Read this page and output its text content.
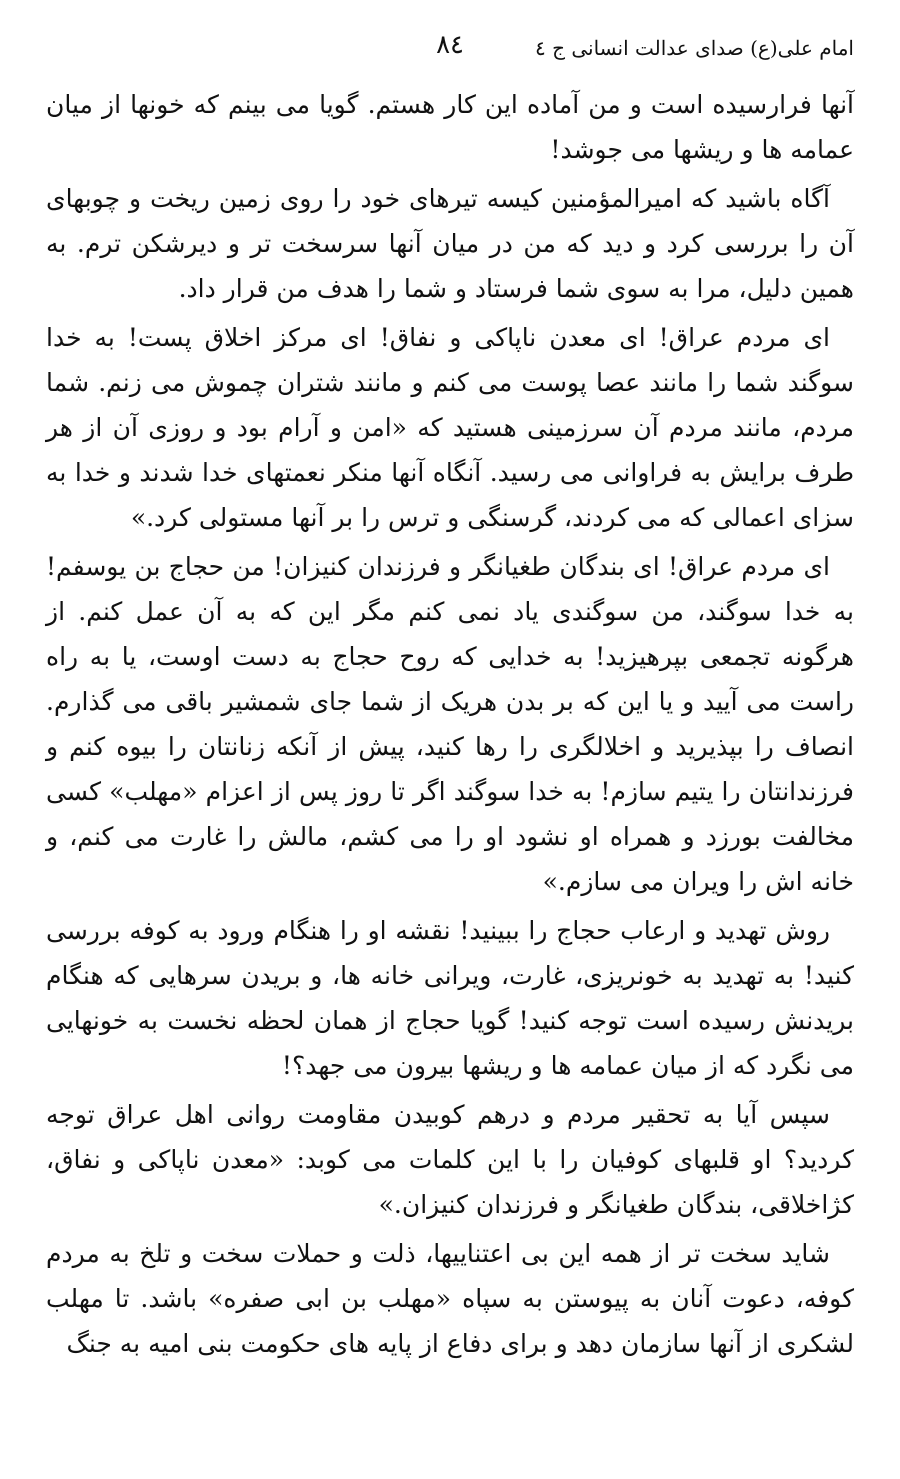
امام علی(ع) صدای عدالت انسانی ج ٤
٨٤

آنها فرارسیده است و من آماده این کار هستم. گویا می بینم که خونها از میان عمامه ها و ریشها می جوشد!

آگاه باشید که امیرالمؤمنین کیسه تیرهای خود را روی زمین ریخت و چوبهای آن را بررسی کرد و دید که من در میان آنها سرسخت تر و دیرشکن ترم. به همین دلیل، مرا به سوی شما فرستاد و شما را هدف من قرار داد.

ای مردم عراق! ای معدن ناپاکی و نفاق! ای مرکز اخلاق پست! به خدا سوگند شما را مانند عصا پوست می کنم و مانند شتران چموش می زنم. شما مردم، مانند مردم آن سرزمینی هستید که «امن و آرام بود و روزی آن از هر طرف برایش به فراوانی می رسید. آنگاه آنها منکر نعمتهای خدا شدند و خدا به سزای اعمالی که می کردند، گرسنگی و ترس را بر آنها مستولی کرد.»

ای مردم عراق! ای بندگان طغیانگر و فرزندان کنیزان! من حجاج بن یوسفم! به خدا سوگند، من سوگندی یاد نمی کنم مگر این که به آن عمل کنم. از هرگونه تجمعی بپرهیزید! به خدایی که روح حجاج به دست اوست، یا به راه راست می آیید و یا این که بر بدن هریک از شما جای شمشیر باقی می گذارم. انصاف را بپذیرید و اخلالگری را رها کنید، پیش از آنکه زنانتان را بیوه کنم و فرزندانتان را یتیم سازم! به خدا سوگند اگر تا روز پس از اعزام «مهلب» کسی مخالفت بورزد و همراه او نشود او را می کشم، مالش را غارت می کنم، و خانه اش را ویران می سازم.»

روش تهدید و ارعاب حجاج را ببینید! نقشه او را هنگام ورود به کوفه بررسی کنید! به تهدید به خونریزی، غارت، ویرانی خانه ها، و بریدن سرهایی که هنگام بریدنش رسیده است توجه کنید! گویا حجاج از همان لحظه نخست به خونهایی می نگرد که از میان عمامه ها و ریشها بیرون می جهد؟!

سپس آیا به تحقیر مردم و درهم کوبیدن مقاومت روانی اهل عراق توجه کردید؟ او قلبهای کوفیان را با این کلمات می کوبد: «معدن ناپاکی و نفاق، کژاخلاقی، بندگان طغیانگر و فرزندان کنیزان.»

شاید سخت تر از همه این بی اعتناییها، ذلت و حملات سخت و تلخ به مردم کوفه، دعوت آنان به پیوستن به سپاه «مهلب بن ابی صفره» باشد. تا مهلب لشکری از آنها سازمان دهد و برای دفاع از پایه های حکومت بنی امیه به جنگ
